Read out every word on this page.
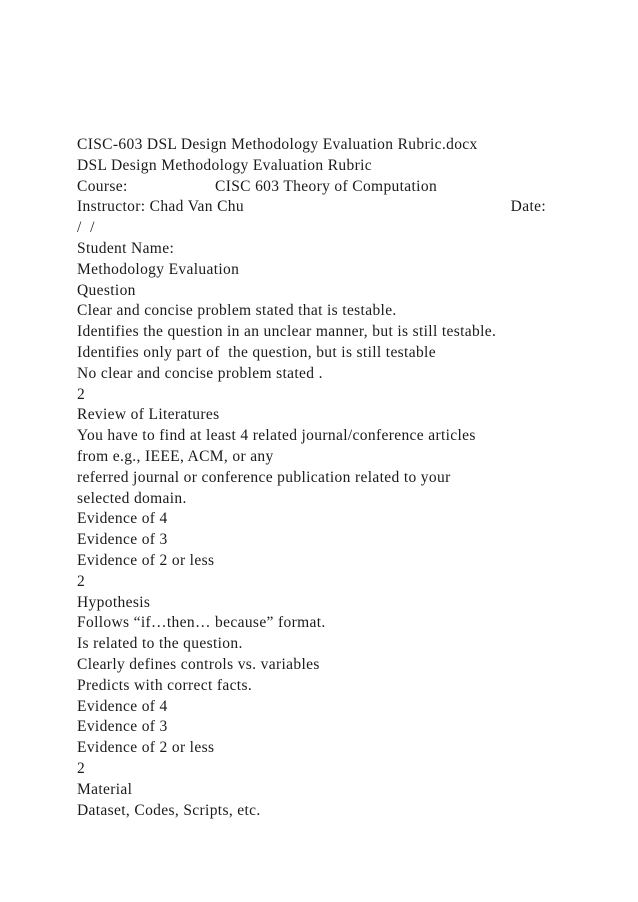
CISC-603 DSL Design Methodology Evaluation Rubric.docx
DSL Design Methodology Evaluation Rubric
Course:	CISC 603 Theory of Computation
Instructor: Chad Van Chu	Date:
/  /
Student Name:
Methodology Evaluation
Question
Clear and concise problem stated that is testable.
Identifies the question in an unclear manner, but is still testable.
Identifies only part of  the question, but is still testable
No clear and concise problem stated .
2
Review of Literatures
You have to find at least 4 related journal/conference articles
from e.g., IEEE, ACM, or any
referred journal or conference publication related to your
selected domain.
Evidence of 4
Evidence of 3
Evidence of 2 or less
2
Hypothesis
Follows “if…then… because” format.
Is related to the question.
Clearly defines controls vs. variables
Predicts with correct facts.
Evidence of 4
Evidence of 3
Evidence of 2 or less
2
Material
Dataset, Codes, Scripts, etc.
